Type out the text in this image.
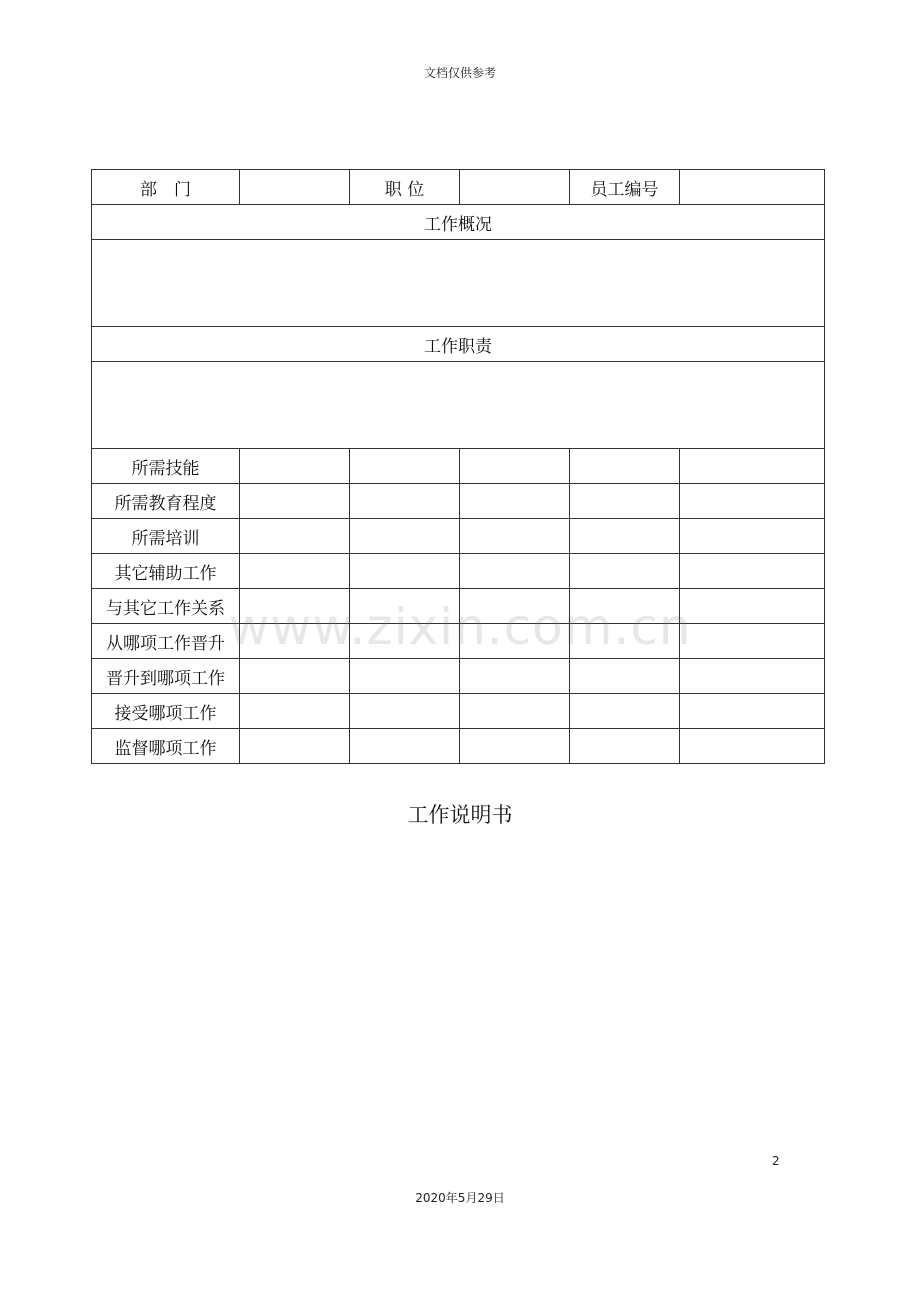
文档仅供参考
部　门		职 位		员工编号	
工作概况					

工作职责					

所需技能					
所需教育程度					
所需培训					
其它辅助工作					
与其它工作关系					
从哪项工作晋升					
晋升到哪项工作					
接受哪项工作					
监督哪项工作					
工作说明书
www.zixin.com.cn
2
2020年5月29日
